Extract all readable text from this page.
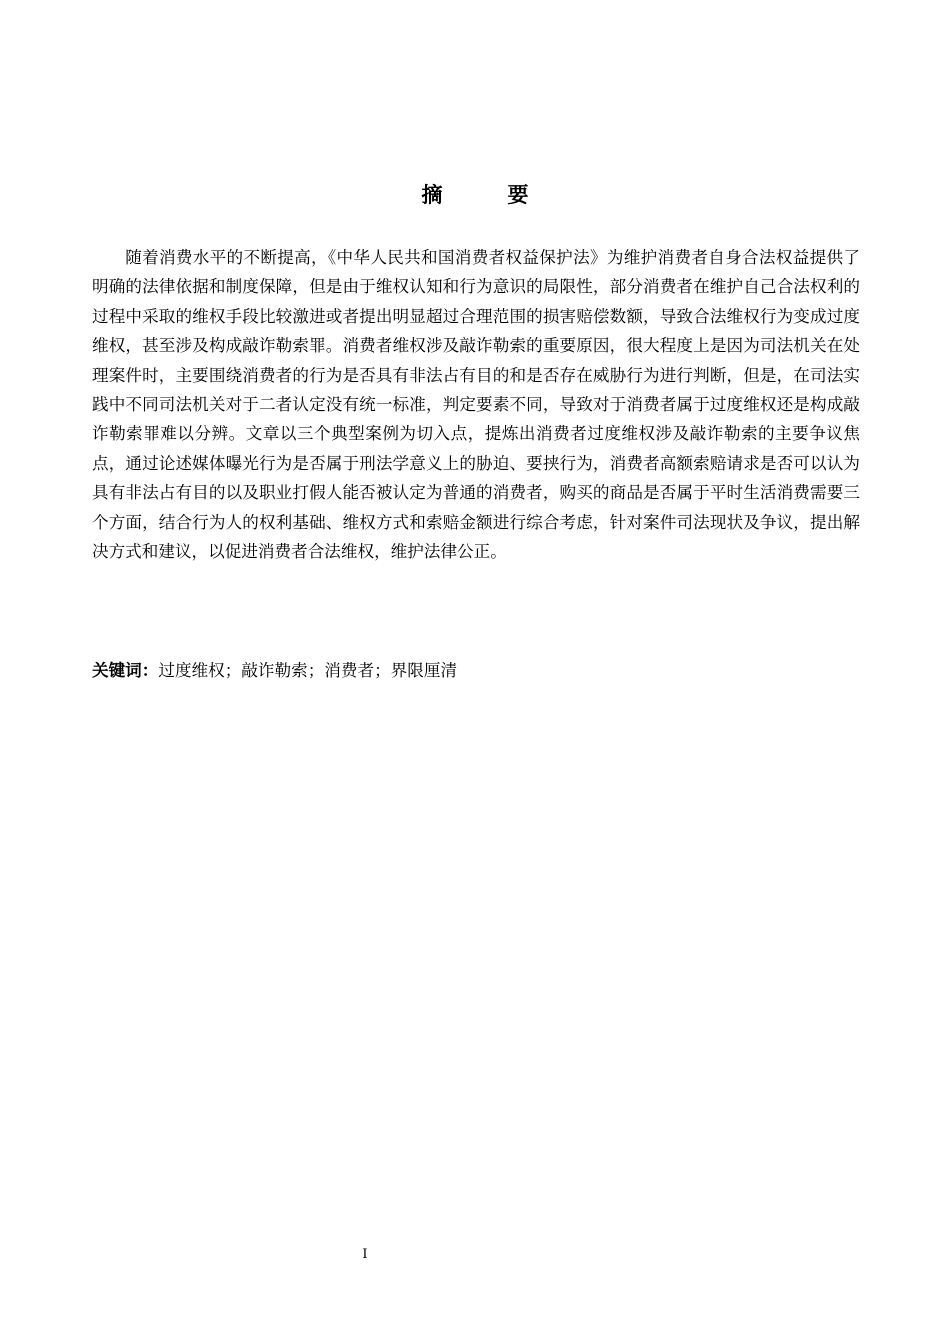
摘　要

随着消费水平的不断提高，《中华人民共和国消费者权益保护法》为维护消费者自身合法权益提供了明确的法律依据和制度保障，但是由于维权认知和行为意识的局限性，部分消费者在维护自己合法权利的过程中采取的维权手段比较激进或者提出明显超过合理范围的损害赔偿数额，导致合法维权行为变成过度维权，甚至涉及构成敲诈勒索罪。消费者维权涉及敲诈勒索的重要原因，很大程度上是因为司法机关在处理案件时，主要围绕消费者的行为是否具有非法占有目的和是否存在威胁行为进行判断，但是，在司法实践中不同司法机关对于二者认定没有统一标准，判定要素不同，导致对于消费者属于过度维权还是构成敲诈勒索罪难以分辨。文章以三个典型案例为切入点，提炼出消费者过度维权涉及敲诈勒索的主要争议焦点，通过论述媒体曝光行为是否属于刑法学意义上的胁迫、要挟行为，消费者高额索赔请求是否可以认为具有非法占有目的以及职业打假人能否被认定为普通的消费者，购买的商品是否属于平时生活消费需要三个方面，结合行为人的权利基础、维权方式和索赔金额进行综合考虑，针对案件司法现状及争议，提出解决方式和建议，以促进消费者合法维权，维护法律公正。

关键词：过度维权；敲诈勒索；消费者；界限厘清
I
